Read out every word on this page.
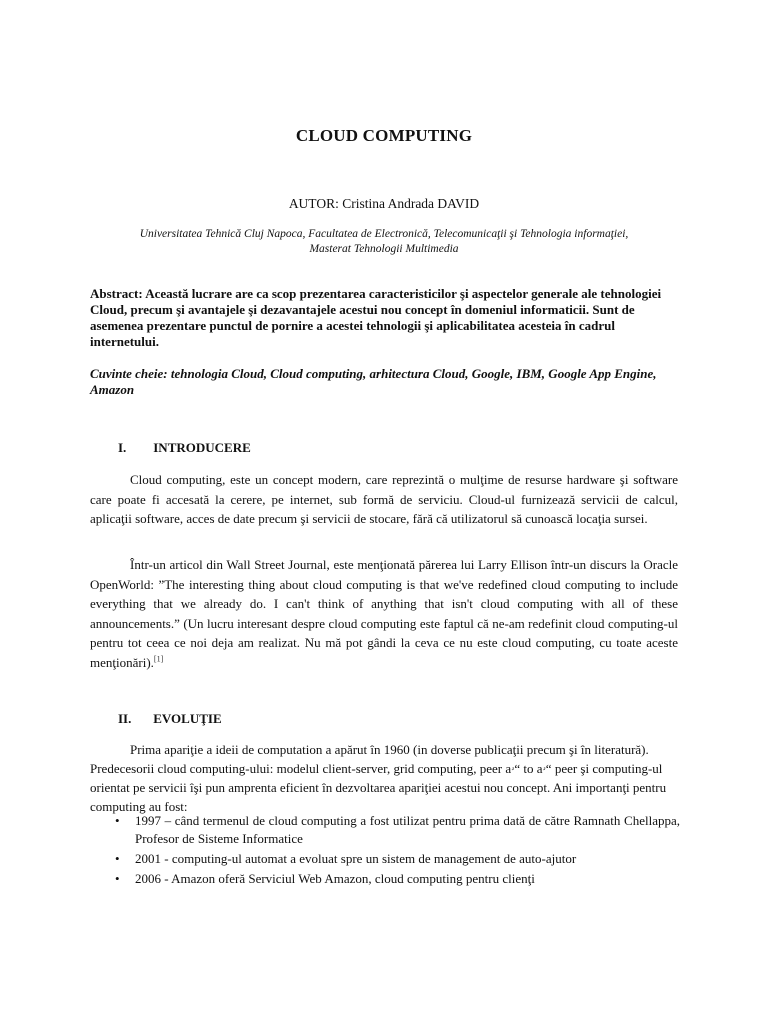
CLOUD COMPUTING
AUTOR: Cristina Andrada DAVID
Universitatea Tehnică Cluj Napoca, Facultatea de Electronică, Telecomunicaţii şi Tehnologia informaţiei,
Masterat Tehnologii Multimedia

Abstract: Această lucrare are ca scop prezentarea caracteristicilor şi aspectelor generale ale tehnologiei Cloud, precum şi avantajele şi dezavantajele acestui nou concept în domeniul informaticii. Sunt de asemenea prezentare punctul de pornire a acestei tehnologii şi aplicabilitatea acesteia în cadrul internetului.

Cuvinte cheie: tehnologia Cloud, Cloud computing, arhitectura Cloud, Google, IBM, Google App Engine, Amazon

I. INTRODUCERE

Cloud computing, este un concept modern, care reprezintă o mulţime de resurse hardware şi software care poate fi accesată la cerere, pe internet, sub formă de serviciu. Cloud-ul furnizează servicii de calcul, aplicaţii software, acces de date precum şi servicii de stocare, fără că utilizatorul să cunoască locaţia sursei.

Într-un articol din Wall Street Journal, este menţionată părerea lui Larry Ellison într-un discurs la Oracle OpenWorld: ”The interesting thing about cloud computing is that we've redefined cloud computing to include everything that we already do. I can't think of anything that isn't cloud computing with all of these announcements.” (Un lucru interesant despre cloud computing este faptul că ne-am redefinit cloud computing-ul pentru tot ceea ce noi deja am realizat. Nu mă pot gândi la ceva ce nu este cloud computing, cu toate aceste menţionări).[1]

II. EVOLUŢIE

Prima apariţie a ideii de computation a apărut în 1960 (in doverse publicaţii precum şi în literatură). Predecesorii cloud computing-ului: modelul client-server, grid computing, peer aۥ“ to aۥ“ peer şi computing-ul orientat pe servicii îşi pun amprenta eficient în dezvoltarea apariţiei acestui nou concept. Ani importanţi pentru computing au fost:

• 1997 – când termenul de cloud computing a fost utilizat pentru prima dată de către Ramnath Chellappa, Profesor de Sisteme Informatice
• 2001 - computing-ul automat a evoluat spre un sistem de management de auto-ajutor
• 2006 - Amazon oferă Serviciul Web Amazon, cloud computing pentru clienţi
